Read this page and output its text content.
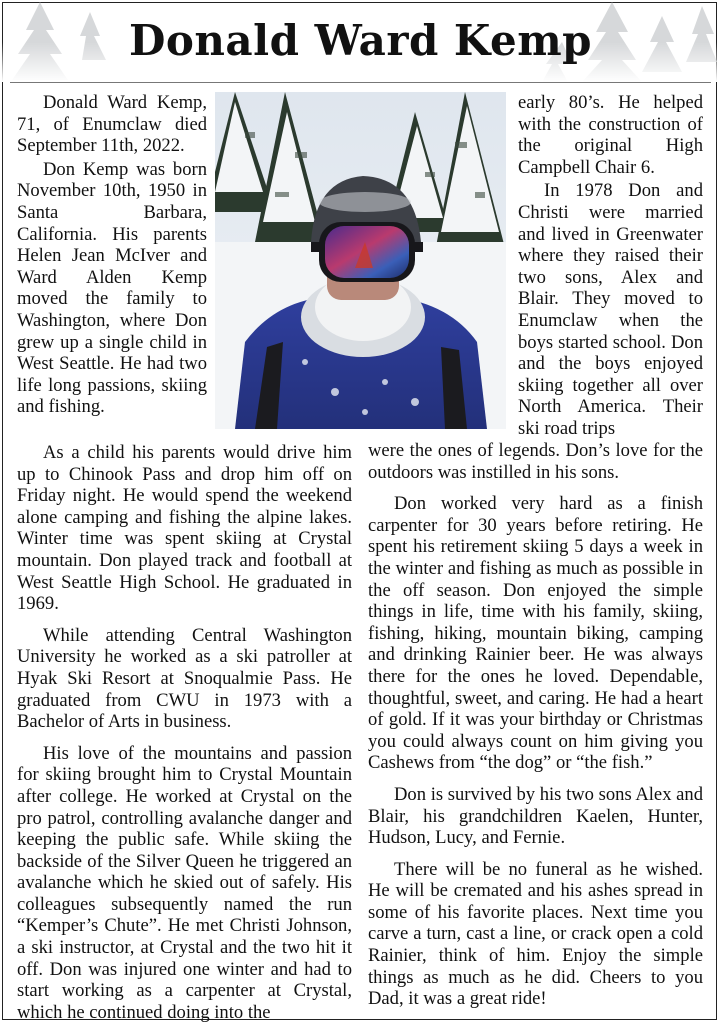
Donald Ward Kemp

Donald Ward Kemp, 71, of Enumclaw died September 11th, 2022.

Don Kemp was born November 10th, 1950 in Santa Barbara, California. His parents Helen Jean McIver and Ward Alden Kemp moved the family to Washington, where Don grew up a single child in West Seattle. He had two life long passions, skiing and fishing.

As a child his parents would drive him up to Chinook Pass and drop him off on Friday night. He would spend the weekend alone camping and fishing the alpine lakes. Winter time was spent skiing at Crystal mountain. Don played track and football at West Seattle High School. He graduated in 1969.

While attending Central Washington University he worked as a ski patroller at Hyak Ski Resort at Snoqualmie Pass. He graduated from CWU in 1973 with a Bachelor of Arts in business.

His love of the mountains and passion for skiing brought him to Crystal Mountain after college. He worked at Crystal on the pro patrol, controlling avalanche danger and keeping the public safe. While skiing the backside of the Silver Queen he triggered an avalanche which he skied out of safely. His colleagues subsequently named the run “Kemper’s Chute”. He met Christi Johnson, a ski instructor, at Crystal and the two hit it off. Don was injured one winter and had to start working as a carpenter at Crystal, which he continued doing into the

early 80’s. He helped with the construction of the original High Campbell Chair 6.

In 1978 Don and Christi were married and lived in Greenwater where they raised their two sons, Alex and Blair. They moved to Enumclaw when the boys started school. Don and the boys enjoyed skiing together all over North America. Their ski road trips

were the ones of legends. Don’s love for the outdoors was instilled in his sons.

Don worked very hard as a finish carpenter for 30 years before retiring. He spent his retirement skiing 5 days a week in the winter and fishing as much as possible in the off season. Don enjoyed the simple things in life, time with his family, skiing, fishing, hiking, mountain biking, camping and drinking Rainier beer. He was always there for the ones he loved. Dependable, thoughtful, sweet, and caring. He had a heart of gold. If it was your birthday or Christmas you could always count on him giving you Cashews from “the dog” or “the fish.”

Don is survived by his two sons Alex and Blair, his grandchildren Kaelen, Hunter, Hudson, Lucy, and Fernie.

There will be no funeral as he wished. He will be cremated and his ashes spread in some of his favorite places. Next time you carve a turn, cast a line, or crack open a cold Rainier, think of him. Enjoy the simple things as much as he did. Cheers to you Dad, it was a great ride!
